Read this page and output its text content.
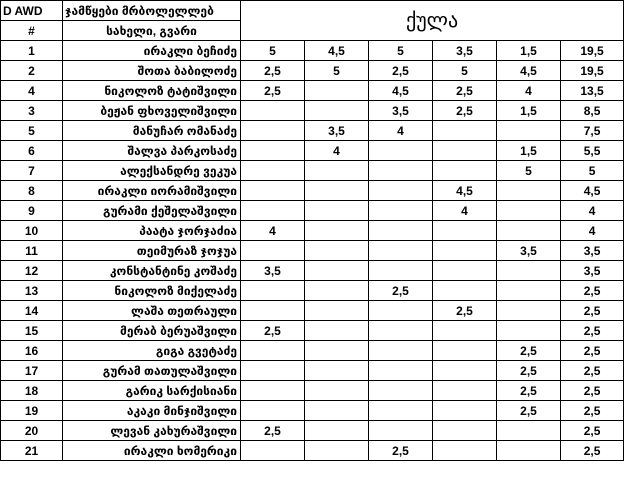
D AWD	ჯამწყები მრბოლელლებ	ქულა					
#	სახელი, გვარი						
1	ირაკლი ბეჩიძე	5	4,5	5	3,5	1,5	19,5
2	შოთა ბაბილოძე	2,5	5	2,5	5	4,5	19,5
4	ნიკოლოზ ტატიშვილი	2,5		4,5	2,5	4	13,5
3	ბეჟან ფხოველიშვილი			3,5	2,5	1,5	8,5
5	მანუჩარ ომანაძე		3,5	4			7,5
6	შალვა პარკოსაძე		4			1,5	5,5
7	ალექსანდრე ვეკუა					5	5
8	ირაკლი იორამიშვილი				4,5		4,5
9	გურამი ქეშელაშვილი				4		4
10	პაატა ჯორჯაძია	4					4
11	თეიმურაზ ჯოჯუა					3,5	3,5
12	კონსტანტინე კოშაძე	3,5					3,5
13	ნიკოლოზ მიქელაძე			2,5			2,5
14	ლაშა თეთრაული				2,5		2,5
15	მერაბ ბერუაშვილი	2,5					2,5
16	გიგა გვეტაძე					2,5	2,5
17	გურამ თათულაშვილი					2,5	2,5
18	გარიკ სარქისიანი					2,5	2,5
19	აკაკი მინჯიშვილი					2,5	2,5
20	ლევან კახურაშვილი	2,5					2,5
21	ირაკლი ხომერიკი			2,5			2,5
